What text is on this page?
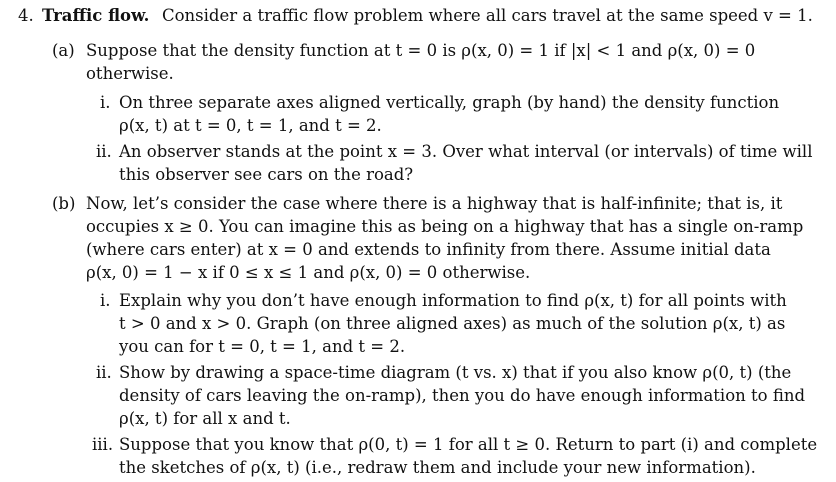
4. Traffic flow. Consider a traffic flow problem where all cars travel at the same speed v = 1.
(a) Suppose that the density function at t = 0 is ρ(x, 0) = 1 if |x| < 1 and ρ(x, 0) = 0
otherwise.
i. On three separate axes aligned vertically, graph (by hand) the density function
ρ(x, t) at t = 0, t = 1, and t = 2.
ii. An observer stands at the point x = 3. Over what interval (or intervals) of time will
this observer see cars on the road?
(b) Now, let’s consider the case where there is a highway that is half-infinite; that is, it
occupies x ≥ 0. You can imagine this as being on a highway that has a single on-ramp
(where cars enter) at x = 0 and extends to infinity from there. Assume initial data
ρ(x, 0) = 1 − x if 0 ≤ x ≤ 1 and ρ(x, 0) = 0 otherwise.
i. Explain why you don’t have enough information to find ρ(x, t) for all points with
t > 0 and x > 0. Graph (on three aligned axes) as much of the solution ρ(x, t) as
you can for t = 0, t = 1, and t = 2.
ii. Show by drawing a space-time diagram (t vs. x) that if you also know ρ(0, t) (the
density of cars leaving the on-ramp), then you do have enough information to find
ρ(x, t) for all x and t.
iii. Suppose that you know that ρ(0, t) = 1 for all t ≥ 0. Return to part (i) and complete
the sketches of ρ(x, t) (i.e., redraw them and include your new information).
